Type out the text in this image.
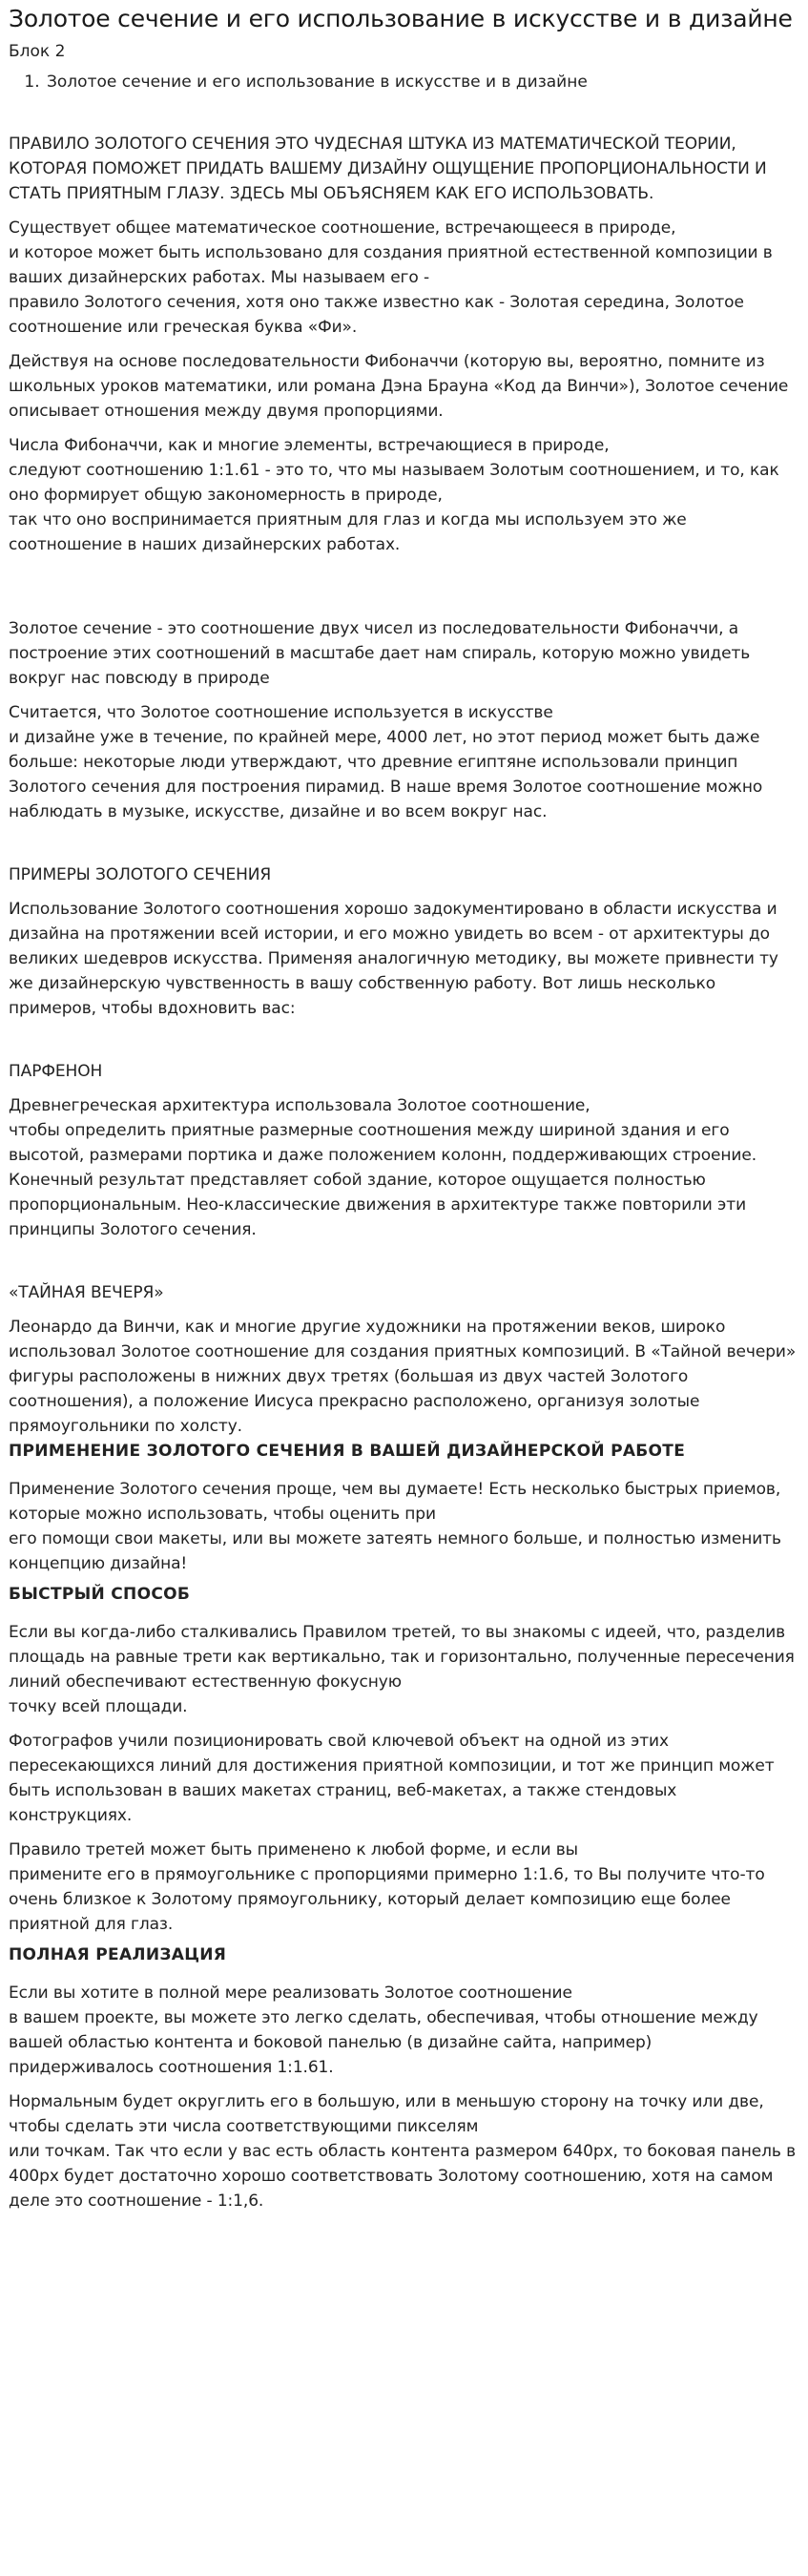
Золотое сечение и его использование в искусстве и в дизайне
Блок 2
1. Золотое сечение и его использование в искусстве и в дизайне

ПРАВИЛО ЗОЛОТОГО СЕЧЕНИЯ ЭТО ЧУДЕСНАЯ ШТУКА ИЗ МАТЕМАТИЧЕСКОЙ ТЕОРИИ, КОТОРАЯ ПОМОЖЕТ ПРИДАТЬ ВАШЕМУ ДИЗАЙНУ ОЩУЩЕНИЕ ПРОПОРЦИОНАЛЬНОСТИ И СТАТЬ ПРИЯТНЫМ ГЛАЗУ. ЗДЕСЬ МЫ ОБЪЯСНЯЕМ КАК ЕГО ИСПОЛЬЗОВАТЬ.

Существует общее математическое соотношение, встречающееся в природе,
и которое может быть использовано для создания приятной естественной композиции в ваших дизайнерских работах. Мы называем его -
правило Золотого сечения, хотя оно также известно как - Золотая середина, Золотое соотношение или греческая буква «Фи».

Действуя на основе последовательности Фибоначчи (которую вы, вероятно, помните из школьных уроков математики, или романа Дэна Брауна «Код да Винчи»), Золотое сечение описывает отношения между двумя пропорциями.

Числа Фибоначчи, как и многие элементы, встречающиеся в природе,
следуют соотношению 1:1.61 - это то, что мы называем Золотым соотношением, и то, как оно формирует общую закономерность в природе,
так что оно воспринимается приятным для глаз и когда мы используем это же соотношение в наших дизайнерских работах.

Золотое сечение - это соотношение двух чисел из последовательности Фибоначчи, а построение этих соотношений в масштабе дает нам спираль, которую можно увидеть вокруг нас повсюду в природе

Считается, что Золотое соотношение используется в искусстве
и дизайне уже в течение, по крайней мере, 4000 лет, но этот период может быть даже больше: некоторые люди утверждают, что древние египтяне использовали принцип Золотого сечения для построения пирамид. В наше время Золотое соотношение можно наблюдать в музыке, искусстве, дизайне и во всем вокруг нас.

ПРИМЕРЫ ЗОЛОТОГО СЕЧЕНИЯ

Использование Золотого соотношения хорошо задокументировано в области искусства и дизайна на протяжении всей истории, и его можно увидеть во всем - от архитектуры до великих шедевров искусства. Применяя аналогичную методику, вы можете привнести ту же дизайнерскую чувственность в вашу собственную работу. Вот лишь несколько примеров, чтобы вдохновить вас:

ПАРФЕНОН

Древнегреческая архитектура использовала Золотое соотношение,
чтобы определить приятные размерные соотношения между шириной здания и его высотой, размерами портика и даже положением колонн, поддерживающих строение. Конечный результат представляет собой здание, которое ощущается полностью пропорциональным. Нео-классические движения в архитектуре также повторили эти принципы Золотого сечения.

«ТАЙНАЯ ВЕЧЕРЯ»

Леонардо да Винчи, как и многие другие художники на протяжении веков, широко использовал Золотое соотношение для создания приятных композиций. В «Тайной вечери» фигуры расположены в нижних двух третях (большая из двух частей Золотого соотношения), а положение Иисуса прекрасно расположено, организуя золотые прямоугольники по холсту.

ПРИМЕНЕНИЕ ЗОЛОТОГО СЕЧЕНИЯ В ВАШЕЙ ДИЗАЙНЕРСКОЙ РАБОТЕ

Применение Золотого сечения проще, чем вы думаете! Есть несколько быстрых приемов, которые можно использовать, чтобы оценить при
его помощи свои макеты, или вы можете затеять немного больше, и полностью изменить концепцию дизайна!

БЫСТРЫЙ СПОСОБ

Если вы когда-либо сталкивались Правилом третей, то вы знакомы с идеей, что, разделив площадь на равные трети как вертикально, так и горизонтально, полученные пересечения линий обеспечивают естественную фокусную
точку всей площади.

Фотографов учили позиционировать свой ключевой объект на одной из этих пересекающихся линий для достижения приятной композиции, и тот же принцип может быть использован в ваших макетах страниц, веб-макетах, а также стендовых конструкциях.

Правило третей может быть применено к любой форме, и если вы
примените его в прямоугольнике с пропорциями примерно 1:1.6, то Вы получите что-то очень близкое к Золотому прямоугольнику, который делает композицию еще более приятной для глаз.

ПОЛНАЯ РЕАЛИЗАЦИЯ

Если вы хотите в полной мере реализовать Золотое соотношение
в вашем проекте, вы можете это легко сделать, обеспечивая, чтобы отношение между вашей областью контента и боковой панелью (в дизайне сайта, например) придерживалось соотношения 1:1.61.

Нормальным будет округлить его в большую, или в меньшую сторону на точку или две, чтобы сделать эти числа соответствующими пикселям
или точкам. Так что если у вас есть область контента размером 640px, то боковая панель в 400px будет достаточно хорошо соответствовать Золотому соотношению, хотя на самом деле это соотношение - 1:1,6.
